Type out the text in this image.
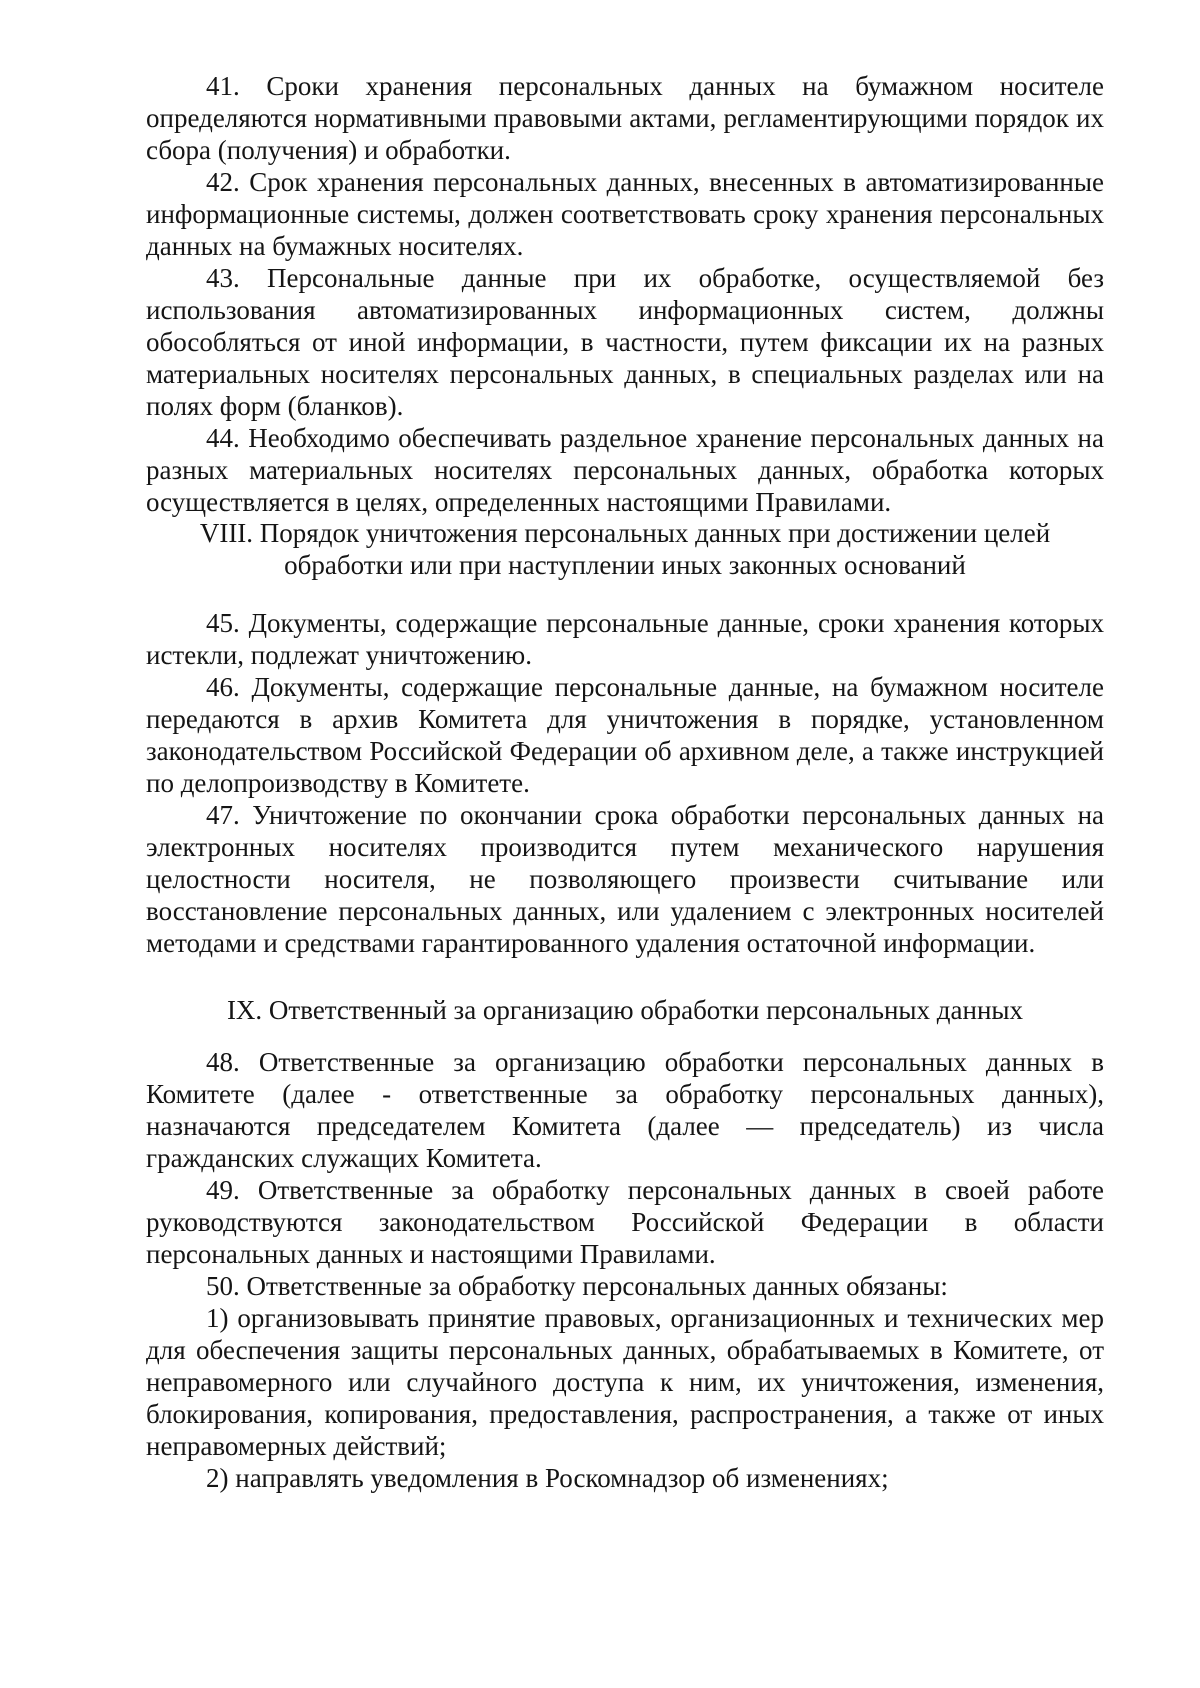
41. Сроки хранения персональных данных на бумажном носителе определяются нормативными правовыми актами, регламентирующими порядок их сбора (получения) и обработки.

42. Срок хранения персональных данных, внесенных в автоматизированные информационные системы, должен соответствовать сроку хранения персональных данных на бумажных носителях.

43. Персональные данные при их обработке, осуществляемой без использования автоматизированных информационных систем, должны обособляться от иной информации, в частности, путем фиксации их на разных материальных носителях персональных данных, в специальных разделах или на полях форм (бланков).

44. Необходимо обеспечивать раздельное хранение персональных данных на разных материальных носителях персональных данных, обработка которых осуществляется в целях, определенных настоящими Правилами.

VIII. Порядок уничтожения персональных данных при достижении целей

обработки или при наступлении иных законных оснований

45. Документы, содержащие персональные данные, сроки хранения которых истекли, подлежат уничтожению.

46. Документы, содержащие персональные данные, на бумажном носителе передаются в архив Комитета для уничтожения в порядке, установленном законодательством Российской Федерации об архивном деле, а также инструкцией по делопроизводству в Комитете.

47. Уничтожение по окончании срока обработки персональных данных на электронных носителях производится путем механического нарушения целостности носителя, не позволяющего произвести считывание или восстановление персональных данных, или удалением с электронных носителей методами и средствами гарантированного удаления остаточной информации.

IX. Ответственный за организацию обработки персональных данных

48. Ответственные за организацию обработки персональных данных в Комитете (далее - ответственные за обработку персональных данных), назначаются председателем Комитета (далее — председатель) из числа гражданских служащих Комитета.

49. Ответственные за обработку персональных данных в своей работе руководствуются законодательством Российской Федерации в области персональных данных и настоящими Правилами.

50. Ответственные за обработку персональных данных обязаны:

1) организовывать принятие правовых, организационных и технических мер для обеспечения защиты персональных данных, обрабатываемых в Комитете, от неправомерного или случайного доступа к ним, их уничтожения, изменения, блокирования, копирования, предоставления, распространения, а также от иных неправомерных действий;

2) направлять уведомления в Роскомнадзор об изменениях;
